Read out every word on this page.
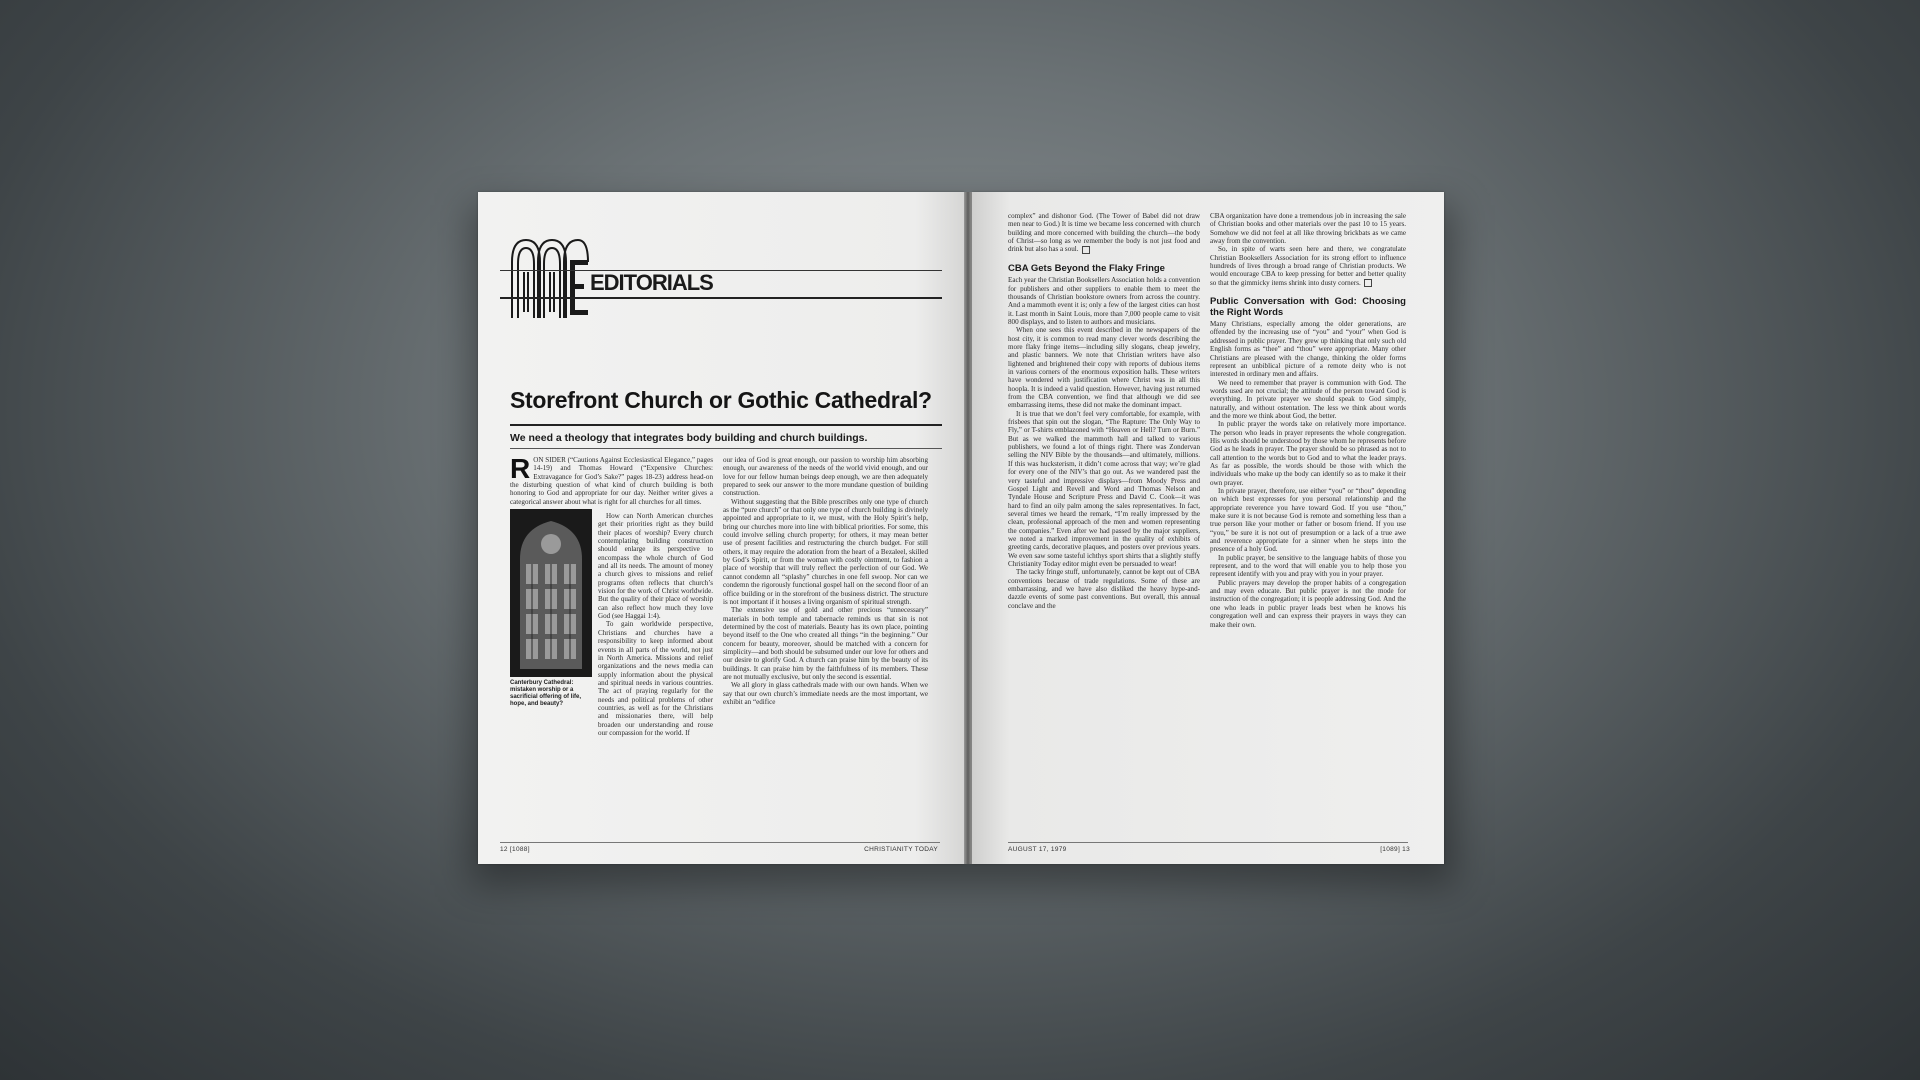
EDITORIALS
Storefront Church or Gothic Cathedral?
We need a theology that integrates body building and church buildings.

RON SIDER (“Cautions Against Ecclesiastical Elegance,” pages 14-19) and Thomas Howard (“Expensive Churches: Extravagance for God’s Sake?” pages 18-23) address head-on the disturbing question of what kind of church building is both honoring to God and appropriate for our day. Neither writer gives a categorical answer about what is right for all churches for all times.

How can North American churches get their priorities right as they build their places of worship? Every church contemplating building construction should enlarge its perspective to encompass the whole church of God and all its needs. The amount of money a church gives to missions and relief programs often reflects that church’s vision for the work of Christ worldwide. But the quality of their place of worship can also reflect how much they love God (see Haggai 1:4).

To gain worldwide perspective, Christians and churches have a responsibility to keep informed about events in all parts of the world, not just in North America. Missions and relief organizations and the news media can supply information about the physical and spiritual needs in various countries. The act of praying regularly for the needs and political problems of other countries, as well as for the Christians and missionaries there, will help broaden our understanding and rouse our compassion for the world. If

Canterbury Cathedral: mistaken worship or a sacrificial offering of life, hope, and beauty?

our idea of God is great enough, our passion to worship him absorbing enough, our awareness of the needs of the world vivid enough, and our love for our fellow human beings deep enough, we are then adequately prepared to seek our answer to the more mundane question of building construction.

Without suggesting that the Bible prescribes only one type of church as the “pure church” or that only one type of church building is divinely appointed and appropriate to it, we must, with the Holy Spirit’s help, bring our churches more into line with biblical priorities. For some, this could involve selling church property; for others, it may mean better use of present facilities and restructuring the church budget. For still others, it may require the adoration from the heart of a Bezaleel, skilled by God’s Spirit, or from the woman with costly ointment, to fashion a place of worship that will truly reflect the perfection of our God. We cannot condemn all “splashy” churches in one fell swoop. Nor can we condemn the rigorously functional gospel hall on the second floor of an office building or in the storefront of the business district. The structure is not important if it houses a living organism of spiritual strength.

The extensive use of gold and other precious “unnecessary” materials in both temple and tabernacle reminds us that sin is not determined by the cost of materials. Beauty has its own place, pointing beyond itself to the One who created all things “in the beginning.” Our concern for beauty, moreover, should be matched with a concern for simplicity—and both should be subsumed under our love for others and our desire to glorify God. A church can praise him by the beauty of its buildings. It can praise him by the faithfulness of its members. These are not mutually exclusive, but only the second is essential.

We all glory in glass cathedrals made with our own hands. When we say that our own church’s immediate needs are the most important, we exhibit an “edifice

12 [1088]	CHRISTIANITY TODAY

complex” and dishonor God. (The Tower of Babel did not draw men near to God.) It is time we became less concerned with church building and more concerned with building the church—the body of Christ—so long as we remember the body is not just food and drink but also has a soul.

CBA Gets Beyond the Flaky Fringe

Each year the Christian Booksellers Association holds a convention for publishers and other suppliers to enable them to meet the thousands of Christian bookstore owners from across the country. And a mammoth event it is; only a few of the largest cities can host it. Last month in Saint Louis, more than 7,000 people came to visit 800 displays, and to listen to authors and musicians.

When one sees this event described in the newspapers of the host city, it is common to read many clever words describing the more flaky fringe items—including silly slogans, cheap jewelry, and plastic banners. We note that Christian writers have also lightened and brightened their copy with reports of dubious items in various corners of the enormous exposition halls. These writers have wondered with justification where Christ was in all this hoopla. It is indeed a valid question. However, having just returned from the CBA convention, we find that although we did see embarrassing items, these did not make the dominant impact.

It is true that we don’t feel very comfortable, for example, with frisbees that spin out the slogan, “The Rapture: The Only Way to Fly,” or T-shirts emblazoned with “Heaven or Hell? Turn or Burn.” But as we walked the mammoth hall and talked to various publishers, we found a lot of things right. There was Zondervan selling the NIV Bible by the thousands—and ultimately, millions. If this was hucksterism, it didn’t come across that way; we’re glad for every one of the NIV’s that go out. As we wandered past the very tasteful and impressive displays—from Moody Press and Gospel Light and Revell and Word and Thomas Nelson and Tyndale House and Scripture Press and David C. Cook—it was hard to find an oily palm among the sales representatives. In fact, several times we heard the remark, “I’m really impressed by the clean, professional approach of the men and women representing the companies.” Even after we had passed by the major suppliers, we noted a marked improvement in the quality of exhibits of greeting cards, decorative plaques, and posters over previous years. We even saw some tasteful ichthys sport shirts that a slightly stuffy Christianity Today editor might even be persuaded to wear!

The tacky fringe stuff, unfortunately, cannot be kept out of CBA conventions because of trade regulations. Some of these are embarrassing, and we have also disliked the heavy hype-and-dazzle events of some past conventions. But overall, this annual conclave and the

CBA organization have done a tremendous job in increasing the sale of Christian books and other materials over the past 10 to 15 years. Somehow we did not feel at all like throwing brickbats as we came away from the convention.

So, in spite of warts seen here and there, we congratulate Christian Booksellers Association for its strong effort to influence hundreds of lives through a broad range of Christian products. We would encourage CBA to keep pressing for better and better quality so that the gimmicky items shrink into dusty corners.

Public Conversation with God: Choosing the Right Words

Many Christians, especially among the older generations, are offended by the increasing use of “you” and “your” when God is addressed in public prayer. They grew up thinking that only such old English forms as “thee” and “thou” were appropriate. Many other Christians are pleased with the change, thinking the older forms represent an unbiblical picture of a remote deity who is not interested in ordinary men and affairs.

We need to remember that prayer is communion with God. The words used are not crucial; the attitude of the person toward God is everything. In private prayer we should speak to God simply, naturally, and without ostentation. The less we think about words and the more we think about God, the better.

In public prayer the words take on relatively more importance. The person who leads in prayer represents the whole congregation. His words should be understood by those whom he represents before God as he leads in prayer. The prayer should be so phrased as not to call attention to the words but to God and to what the leader prays. As far as possible, the words should be those with which the individuals who make up the body can identify so as to make it their own prayer.

In private prayer, therefore, use either “you” or “thou” depending on which best expresses for you personal relationship and the appropriate reverence you have toward God. If you use “thou,” make sure it is not because God is remote and something less than a true person like your mother or father or bosom friend. If you use “you,” be sure it is not out of presumption or a lack of a true awe and reverence appropriate for a sinner when he steps into the presence of a holy God.

In public prayer, be sensitive to the language habits of those you represent, and to the word that will enable you to help those you represent identify with you and pray with you in your prayer.

Public prayers may develop the proper habits of a congregation and may even educate. But public prayer is not the mode for instruction of the congregation; it is people addressing God. And the one who leads in public prayer leads best when he knows his congregation well and can express their prayers in ways they can make their own.

AUGUST 17, 1979	[1089] 13
